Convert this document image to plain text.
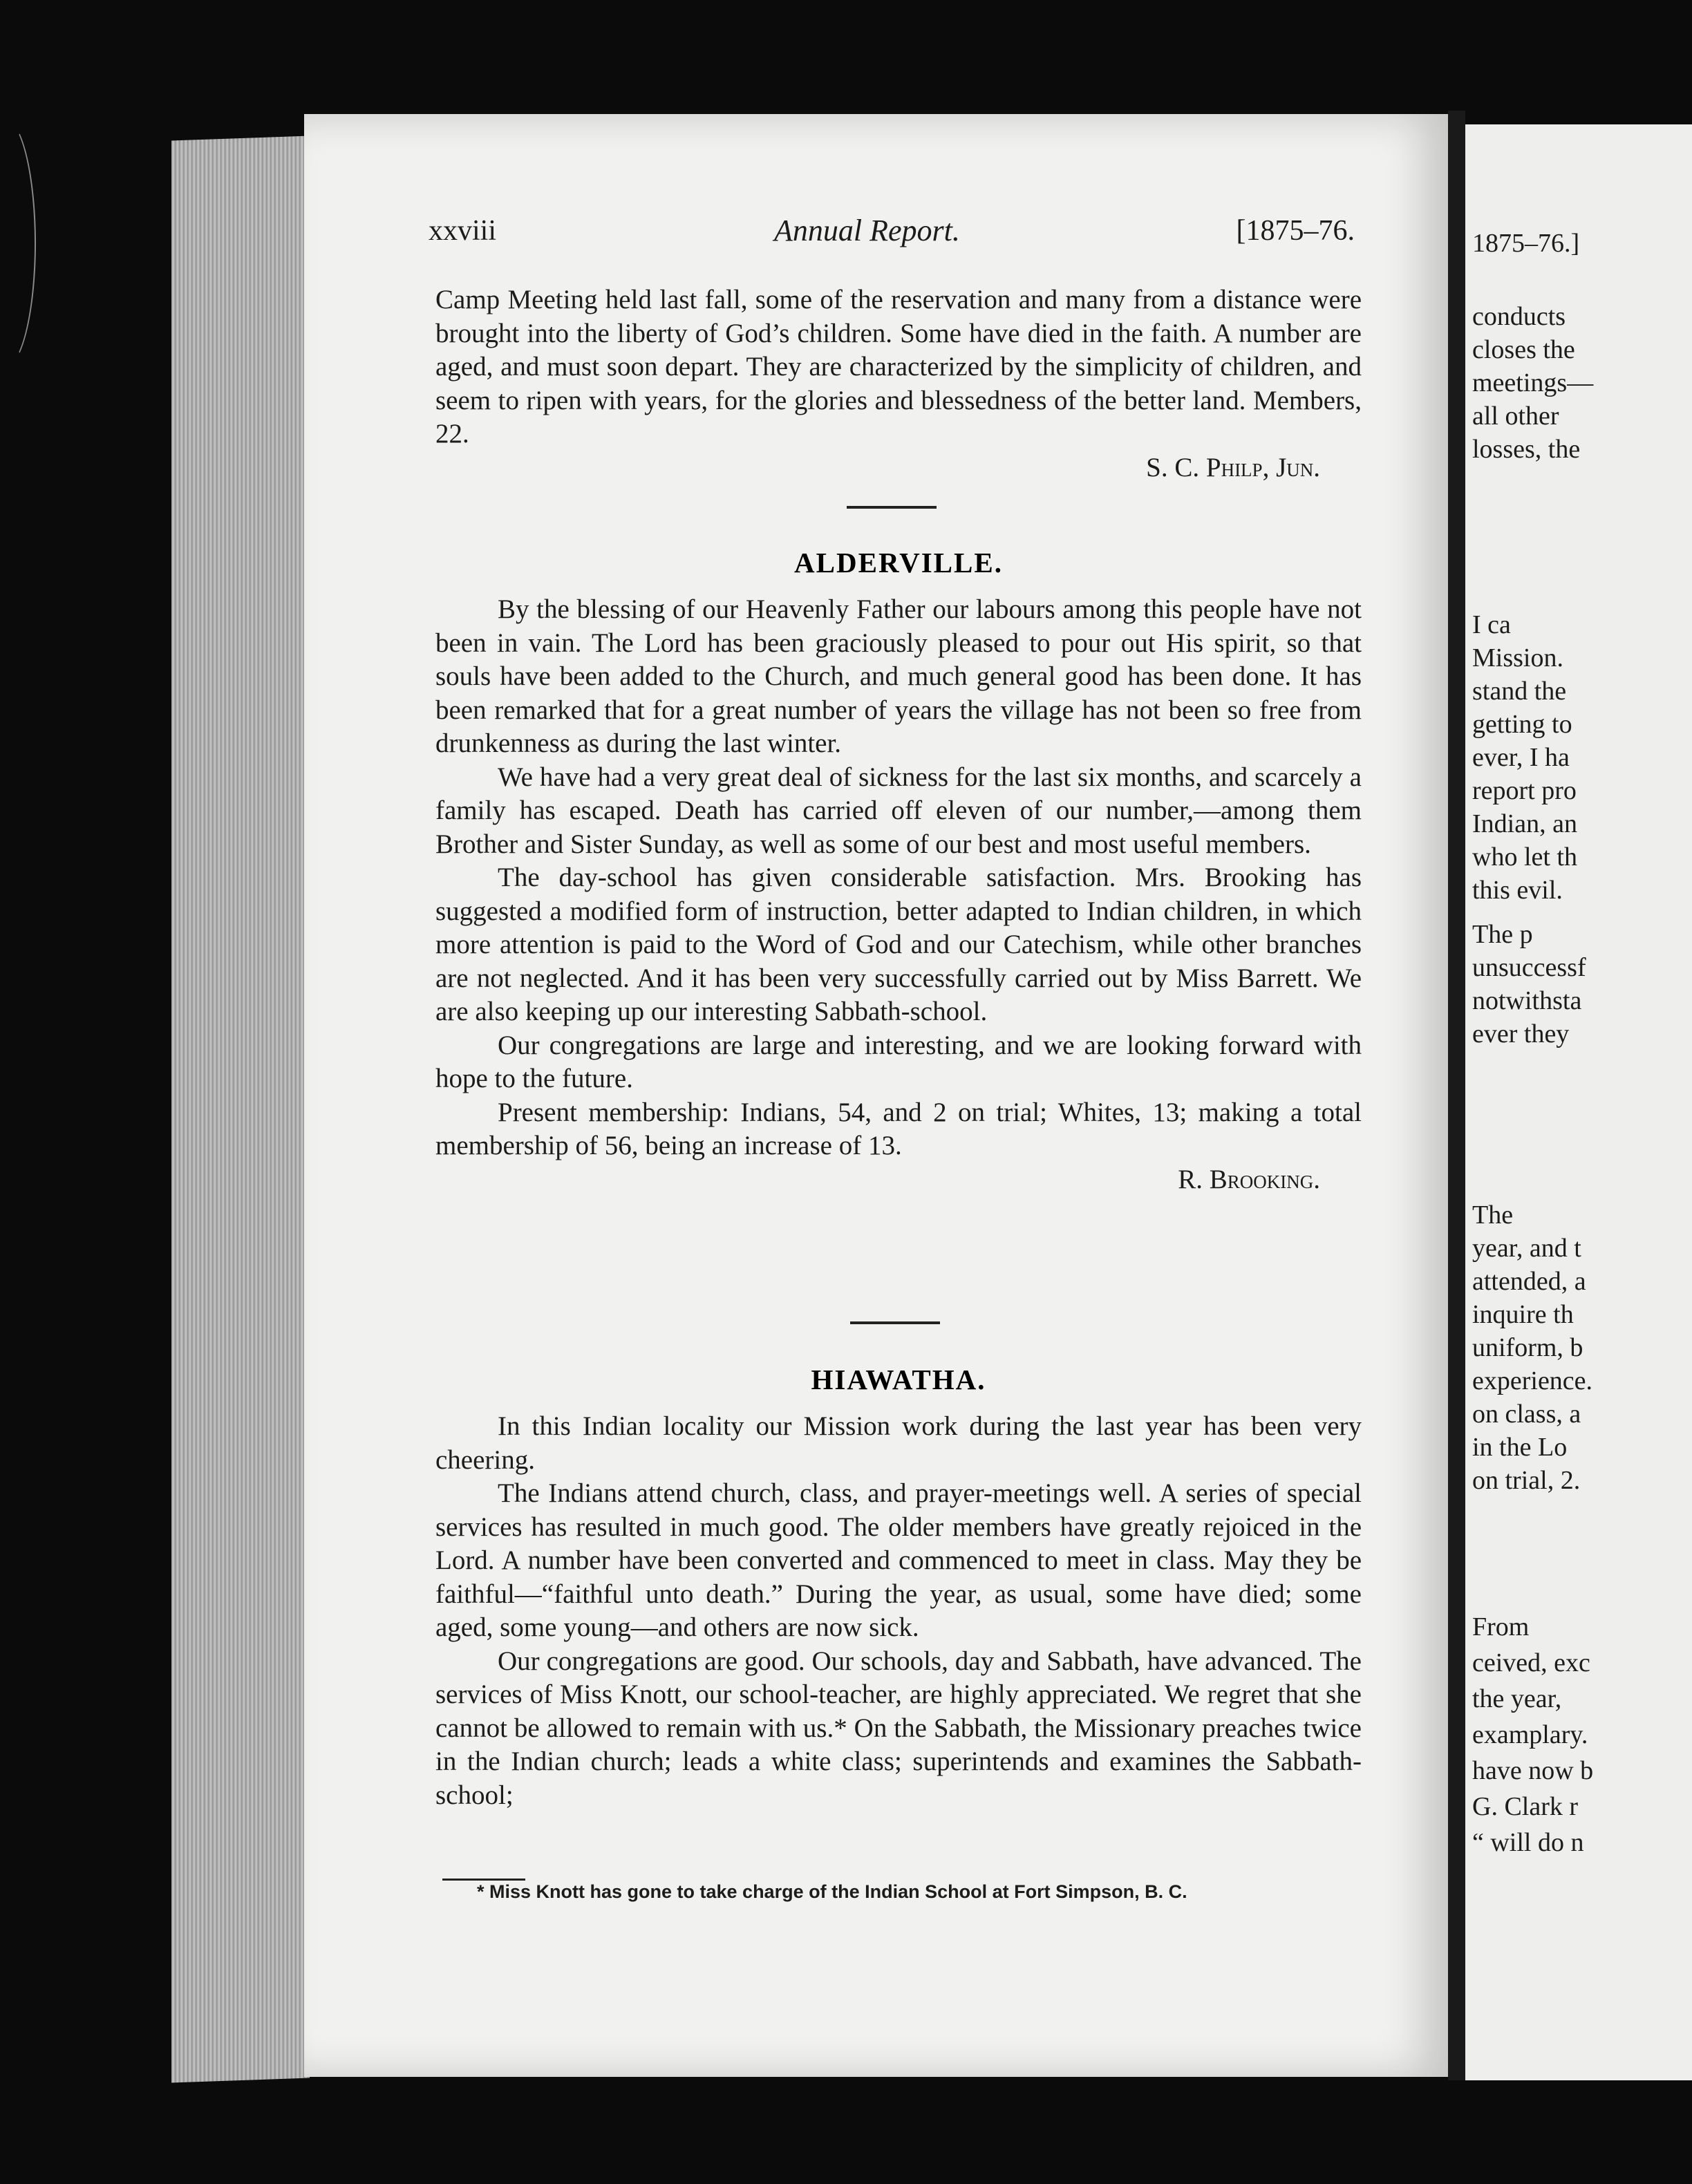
xxviii	Annual Report.	[1875–76.

Camp Meeting held last fall, some of the reservation and many from a distance were brought into the liberty of God’s children. Some have died in the faith. A number are aged, and must soon depart. They are characterized by the simplicity of children, and seem to ripen with years, for the glories and blessedness of the better land. Members, 22.

S. C. Philp, Jun.
ALDERVILLE.

By the blessing of our Heavenly Father our labours among this people have not been in vain. The Lord has been graciously pleased to pour out His spirit, so that souls have been added to the Church, and much general good has been done. It has been remarked that for a great number of years the village has not been so free from drunkenness as during the last winter.

We have had a very great deal of sickness for the last six months, and scarcely a family has escaped. Death has carried off eleven of our number,—among them Brother and Sister Sunday, as well as some of our best and most useful members.

The day-school has given considerable satisfaction. Mrs. Brooking has suggested a modified form of instruction, better adapted to Indian children, in which more attention is paid to the Word of God and our Catechism, while other branches are not neglected. And it has been very successfully carried out by Miss Barrett. We are also keeping up our interesting Sabbath-school.

Our congregations are large and interesting, and we are looking forward with hope to the future.

Present membership: Indians, 54, and 2 on trial; Whites, 13; making a total membership of 56, being an increase of 13.

R. Brooking.
HIAWATHA.

In this Indian locality our Mission work during the last year has been very cheering.

The Indians attend church, class, and prayer-meetings well. A series of special services has resulted in much good. The older members have greatly rejoiced in the Lord. A number have been converted and commenced to meet in class. May they be faithful—“faithful unto death.” During the year, as usual, some have died; some aged, some young—and others are now sick.

Our congregations are good. Our schools, day and Sabbath, have advanced. The services of Miss Knott, our school-teacher, are highly appreciated. We regret that she cannot be allowed to remain with us.* On the Sabbath, the Missionary preaches twice in the Indian church; leads a white class; superintends and examines the Sabbath-school;

* Miss Knott has gone to take charge of the Indian School at Fort Simpson, B. C.
1875–76.]
conducts
closes the
meetings—
all other
losses, the
I ca
Mission.
stand the
getting to
ever, I ha
report pro
Indian, an
who let th
this evil.
The p
unsuccessf
notwithsta
ever they
The
year, and t
attended, a
inquire th
uniform, b
experience.
on class, a
in the Lo
on trial, 2.
From
ceived, exc
the year,
examplary.
have now b
G. Clark r
“ will do n
